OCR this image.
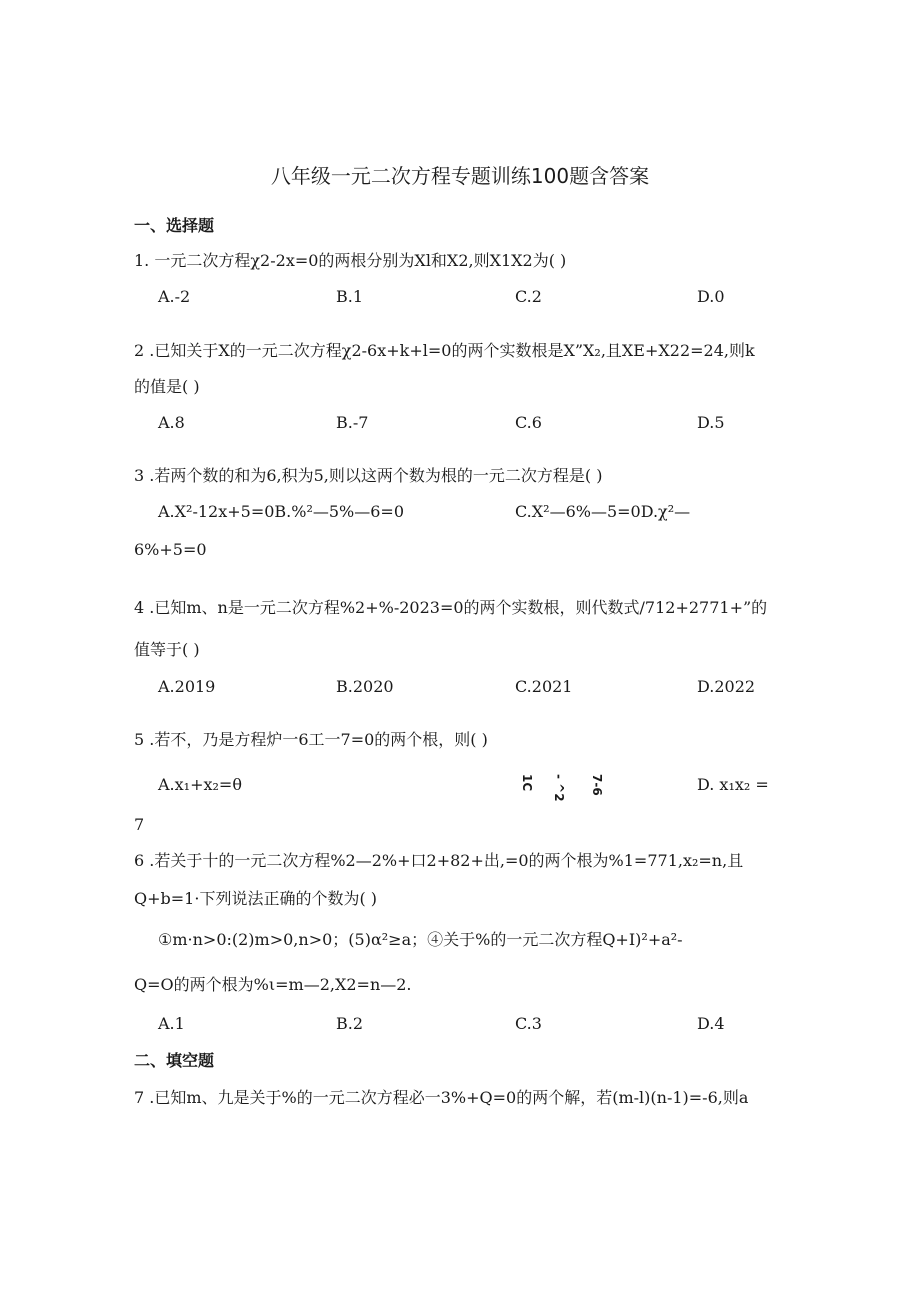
八年级一元二次方程专题训练100题含答案
一、选择题
1. 一元二次方程χ2-2x=0的两根分别为Xl和X2,则X1X2为( )
A.-2	B.1	C.2	D.0
2 .已知关于X的一元二次方程χ2-6x+k+l=0的两个实数根是X”X₂,且XE+X22=24,则k
的值是( )
A.8	B.-7	C.6	D.5
3 .若两个数的和为6,积为5,则以这两个数为根的一元二次方程是( )
A.X²-12x+5=0B.%²—5%—6=0	C.X²—6%—5=0D.χ²—
6%+5=0
4 .已知m、n是一元二次方程%2+%-2023=0的两个实数根，则代数式/712+2771+”的
值等于( )
A.2019	B.2020	C.2021	D.2022
5 .若不，乃是方程炉一6工一7=0的两个根，则( )
A.x₁+x₂=θ	1C - ^2 7-6	D. x₁x₂ =
7
6 .若关于十的一元二次方程%2—2%+口2+82+出,=0的两个根为%1=771,x₂=n,且
Q+b=1·下列说法正确的个数为( )
①m·n>0:(2)m>0,n>0；(5)α²≥a；④关于%的一元二次方程Q+I)²+a²-
Q=O的两个根为%ι=m—2,X2=n—2.
A.1	B.2	C.3	D.4
二、填空题
7 .已知m、九是关于%的一元二次方程必一3%+Q=0的两个解，若(m-l)(n-1)=-6,则a
